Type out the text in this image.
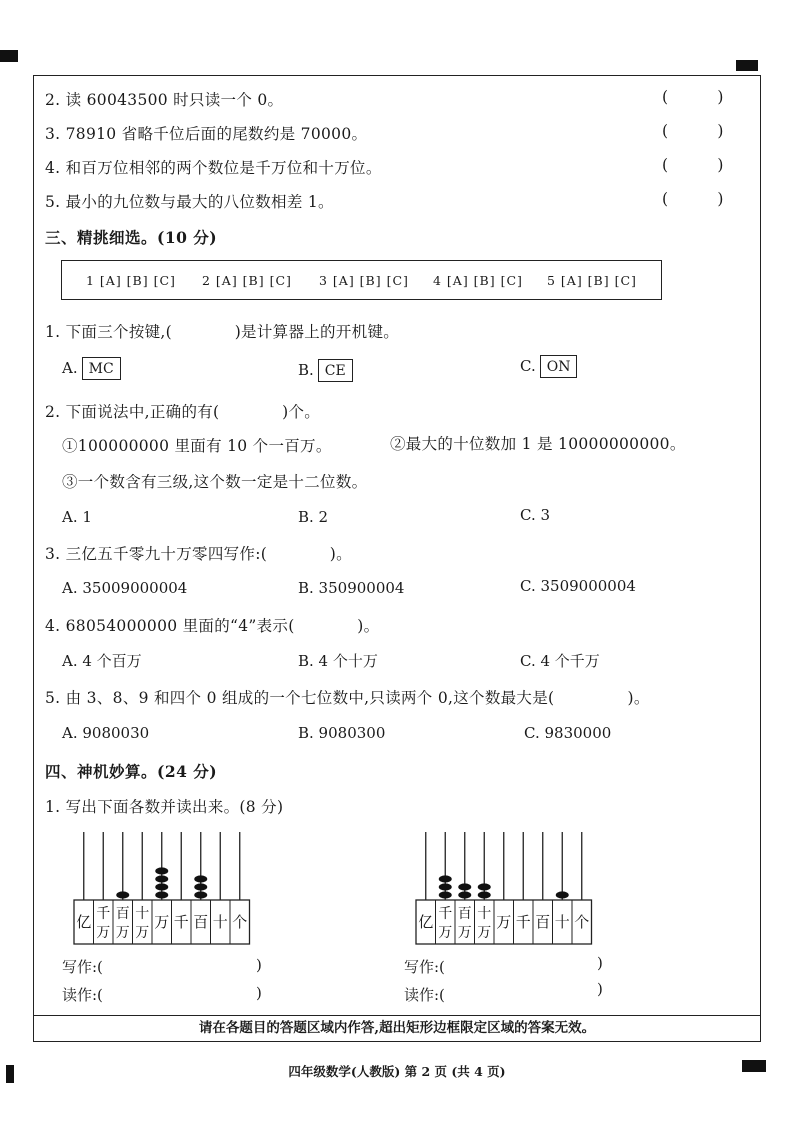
2. 读 60043500 时只读一个 0。	(          )
3. 78910 省略千位后面的尾数约是 70000。	(          )
4. 和百万位相邻的两个数位是千万位和十万位。	(          )
5. 最小的九位数与最大的八位数相差 1。	(          )
三、精挑细选。(10 分)
1 [A] [B] [C] 2 [A] [B] [C] 3 [A] [B] [C] 4 [A] [B] [C] 5 [A] [B] [C]
1. 下面三个按键,(            )是计算器上的开机键。
A. MC	B. CE	C. ON
2. 下面说法中,正确的有(            )个。
①100000000 里面有 10 个一百万。	②最大的十位数加 1 是 10000000000。
③一个数含有三级,这个数一定是十二位数。
A. 1	B. 2	C. 3
3. 三亿五千零九十万零四写作:(            )。
A. 35009000004	B. 350900004	C. 3509000004
4. 68054000000 里面的“4”表示(            )。
A. 4 个百万	B. 4 个十万	C. 4 个千万
5. 由 3、8、9 和四个 0 组成的一个七位数中,只读两个 0,这个数最大是(              )。
A. 9080030	B. 9080300	C. 9830000
四、神机妙算。(24 分)
1. 写出下面各数并读出来。(8 分)
亿 千
万
百
万
十
万
万 千 百 十 个	亿 千
万
百
万
十
万
万 千 百 十 个
写作:(	)
读作:(	)
写作:(	)
读作:(	)
请在各题目的答题区域内作答,超出矩形边框限定区域的答案无效。
四年级数学(人教版) 第 2 页 (共 4 页)
